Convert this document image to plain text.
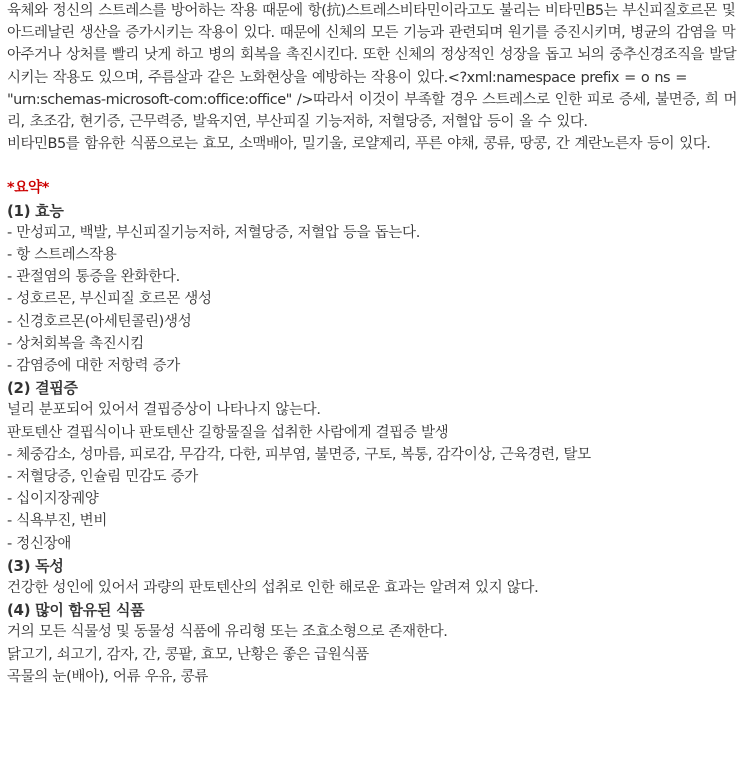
육체와 정신의 스트레스를 방어하는 작용 때문에 항(抗)스트레스비타민이라고도 불리는 비타민B5는 부신피질호르몬 및 아드레날린 생산을 증가시키는 작용이 있다. 때문에 신체의 모든 기능과 관련되며 원기를 증진시키며, 병균의 감염을 막아주거나 상처를 빨리 낫게 하고 병의 회복을 촉진시킨다. 또한 신체의 정상적인 성장을 돕고 뇌의 중추신경조직을 발달시키는 작용도 있으며, 주름살과 같은 노화현상을 예방하는 작용이 있다.<?xml:namespace prefix = o ns = "urn:schemas-microsoft-com:office:office" />따라서 이것이 부족할 경우 스트레스로 인한 피로 증세, 불면증, 희 머리, 초조감, 현기증, 근무력증, 발육지연, 부산피질 기능저하, 저혈당증, 저혈압 등이 올 수 있다.

비타민B5를 함유한 식품으로는 효모, 소맥배아, 밀기울, 로얄제리, 푸른 야채, 콩류, 땅콩, 간 계란노른자 등이 있다.

*요약*

(1) 효능

- 만성피고, 백발, 부신피질기능저하, 저혈당증, 저혈압 등을 돕는다.

- 항 스트레스작용

- 관절염의 통증을 완화한다.

- 성호르몬, 부신피질 호르몬 생성

- 신경호르몬(아세틴콜린)생성

- 상처회복을 촉진시킴

- 감염증에 대한 저항력 증가

(2) 결핍증

널리 분포되어 있어서 결핍증상이 나타나지 않는다.

판토텐산 결핍식이나 판토텐산 길항물질을 섭취한 사람에게 결핍증 발생

- 체중감소, 성마름, 피로감, 무감각, 다한, 피부염, 불면증, 구토, 복통, 감각이상, 근육경련, 탈모

- 저혈당증, 인슐림 민감도 증가

- 십이지장궤양

- 식욕부진, 변비

- 정신장애

(3) 독성

건강한 성인에 있어서 과량의 판토텐산의 섭취로 인한 해로운 효과는 알려져 있지 않다.

(4) 많이 함유된 식품

거의 모든 식물성 및 동물성 식품에 유리형 또는 조효소형으로 존재한다.

닭고기, 쇠고기, 감자, 간, 콩팥, 효모, 난황은 좋은 급원식품

곡물의 눈(배아), 어류 우유, 콩류
